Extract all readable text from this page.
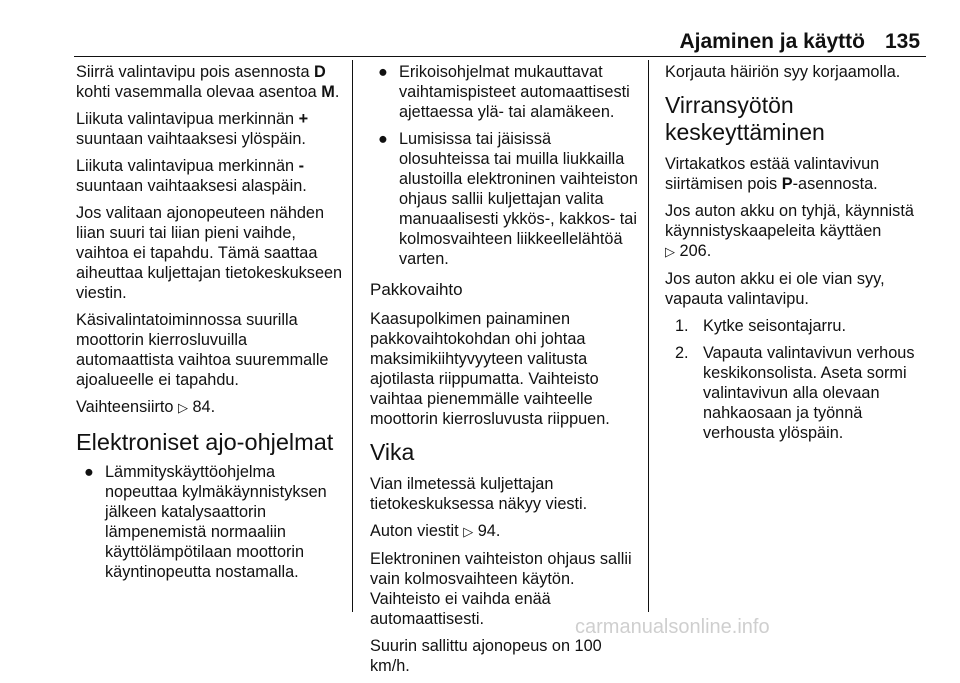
Ajaminen ja käyttö 135

Siirrä valintavipu pois asennosta D kohti vasemmalla olevaa asentoa M.

Liikuta valintavipua merkinnän + suuntaan vaihtaaksesi ylöspäin.

Liikuta valintavipua merkinnän - suuntaan vaihtaaksesi alaspäin.

Jos valitaan ajonopeuteen nähden liian suuri tai liian pieni vaihde, vaihtoa ei tapahdu. Tämä saattaa aiheuttaa kuljettajan tietokeskukseen viestin.

Käsivalintatoiminnossa suurilla moottorin kierrosluvuilla automaattista vaihtoa suuremmalle ajoalueelle ei tapahdu.

Vaihteensiirto ▷ 84.

Elektroniset ajo-ohjelmat
● Lämmityskäyttöohjelma nopeuttaa kylmäkäynnistyksen jälkeen katalysaattorin lämpenemistä normaaliin käyttölämpötilaan moottorin käyntinopeutta nostamalla.
● Erikoisohjelmat mukauttavat vaihtamispisteet automaattisesti ajettaessa ylä- tai alamäkeen.
● Lumisissa tai jäisissä olosuhteissa tai muilla liukkailla alustoilla elektroninen vaihteiston ohjaus sallii kuljettajan valita manuaalisesti ykkös-, kakkos- tai kolmosvaihteen liikkeellelähtöä varten.
Pakkovaihto

Kaasupolkimen painaminen pakkovaihtokohdan ohi johtaa maksimikiihtyvyyteen valitusta ajotilasta riippumatta. Vaihteisto vaihtaa pienemmälle vaihteelle moottorin kierrosluvusta riippuen.

Vika

Vian ilmetessä kuljettajan tietokeskuksessa näkyy viesti.

Auton viestit ▷ 94.

Elektroninen vaihteiston ohjaus sallii vain kolmosvaihteen käytön. Vaihteisto ei vaihda enää automaattisesti.

Suurin sallittu ajonopeus on 100 km/h.

Korjauta häiriön syy korjaamolla.

Virransyötön keskeyttäminen

Virtakatkos estää valintavivun siirtämisen pois P-asennosta.

Jos auton akku on tyhjä, käynnistä käynnistyskaapeleita käyttäen
▷ 206.

Jos auton akku ei ole vian syy, vapauta valintavipu.

1. Kytke seisontajarru.
2. Vapauta valintavivun verhous keskikonsolista. Aseta sormi valintavivun alla olevaan nahkaosaan ja työnnä verhousta ylöspäin.
carmanualsonline.info
